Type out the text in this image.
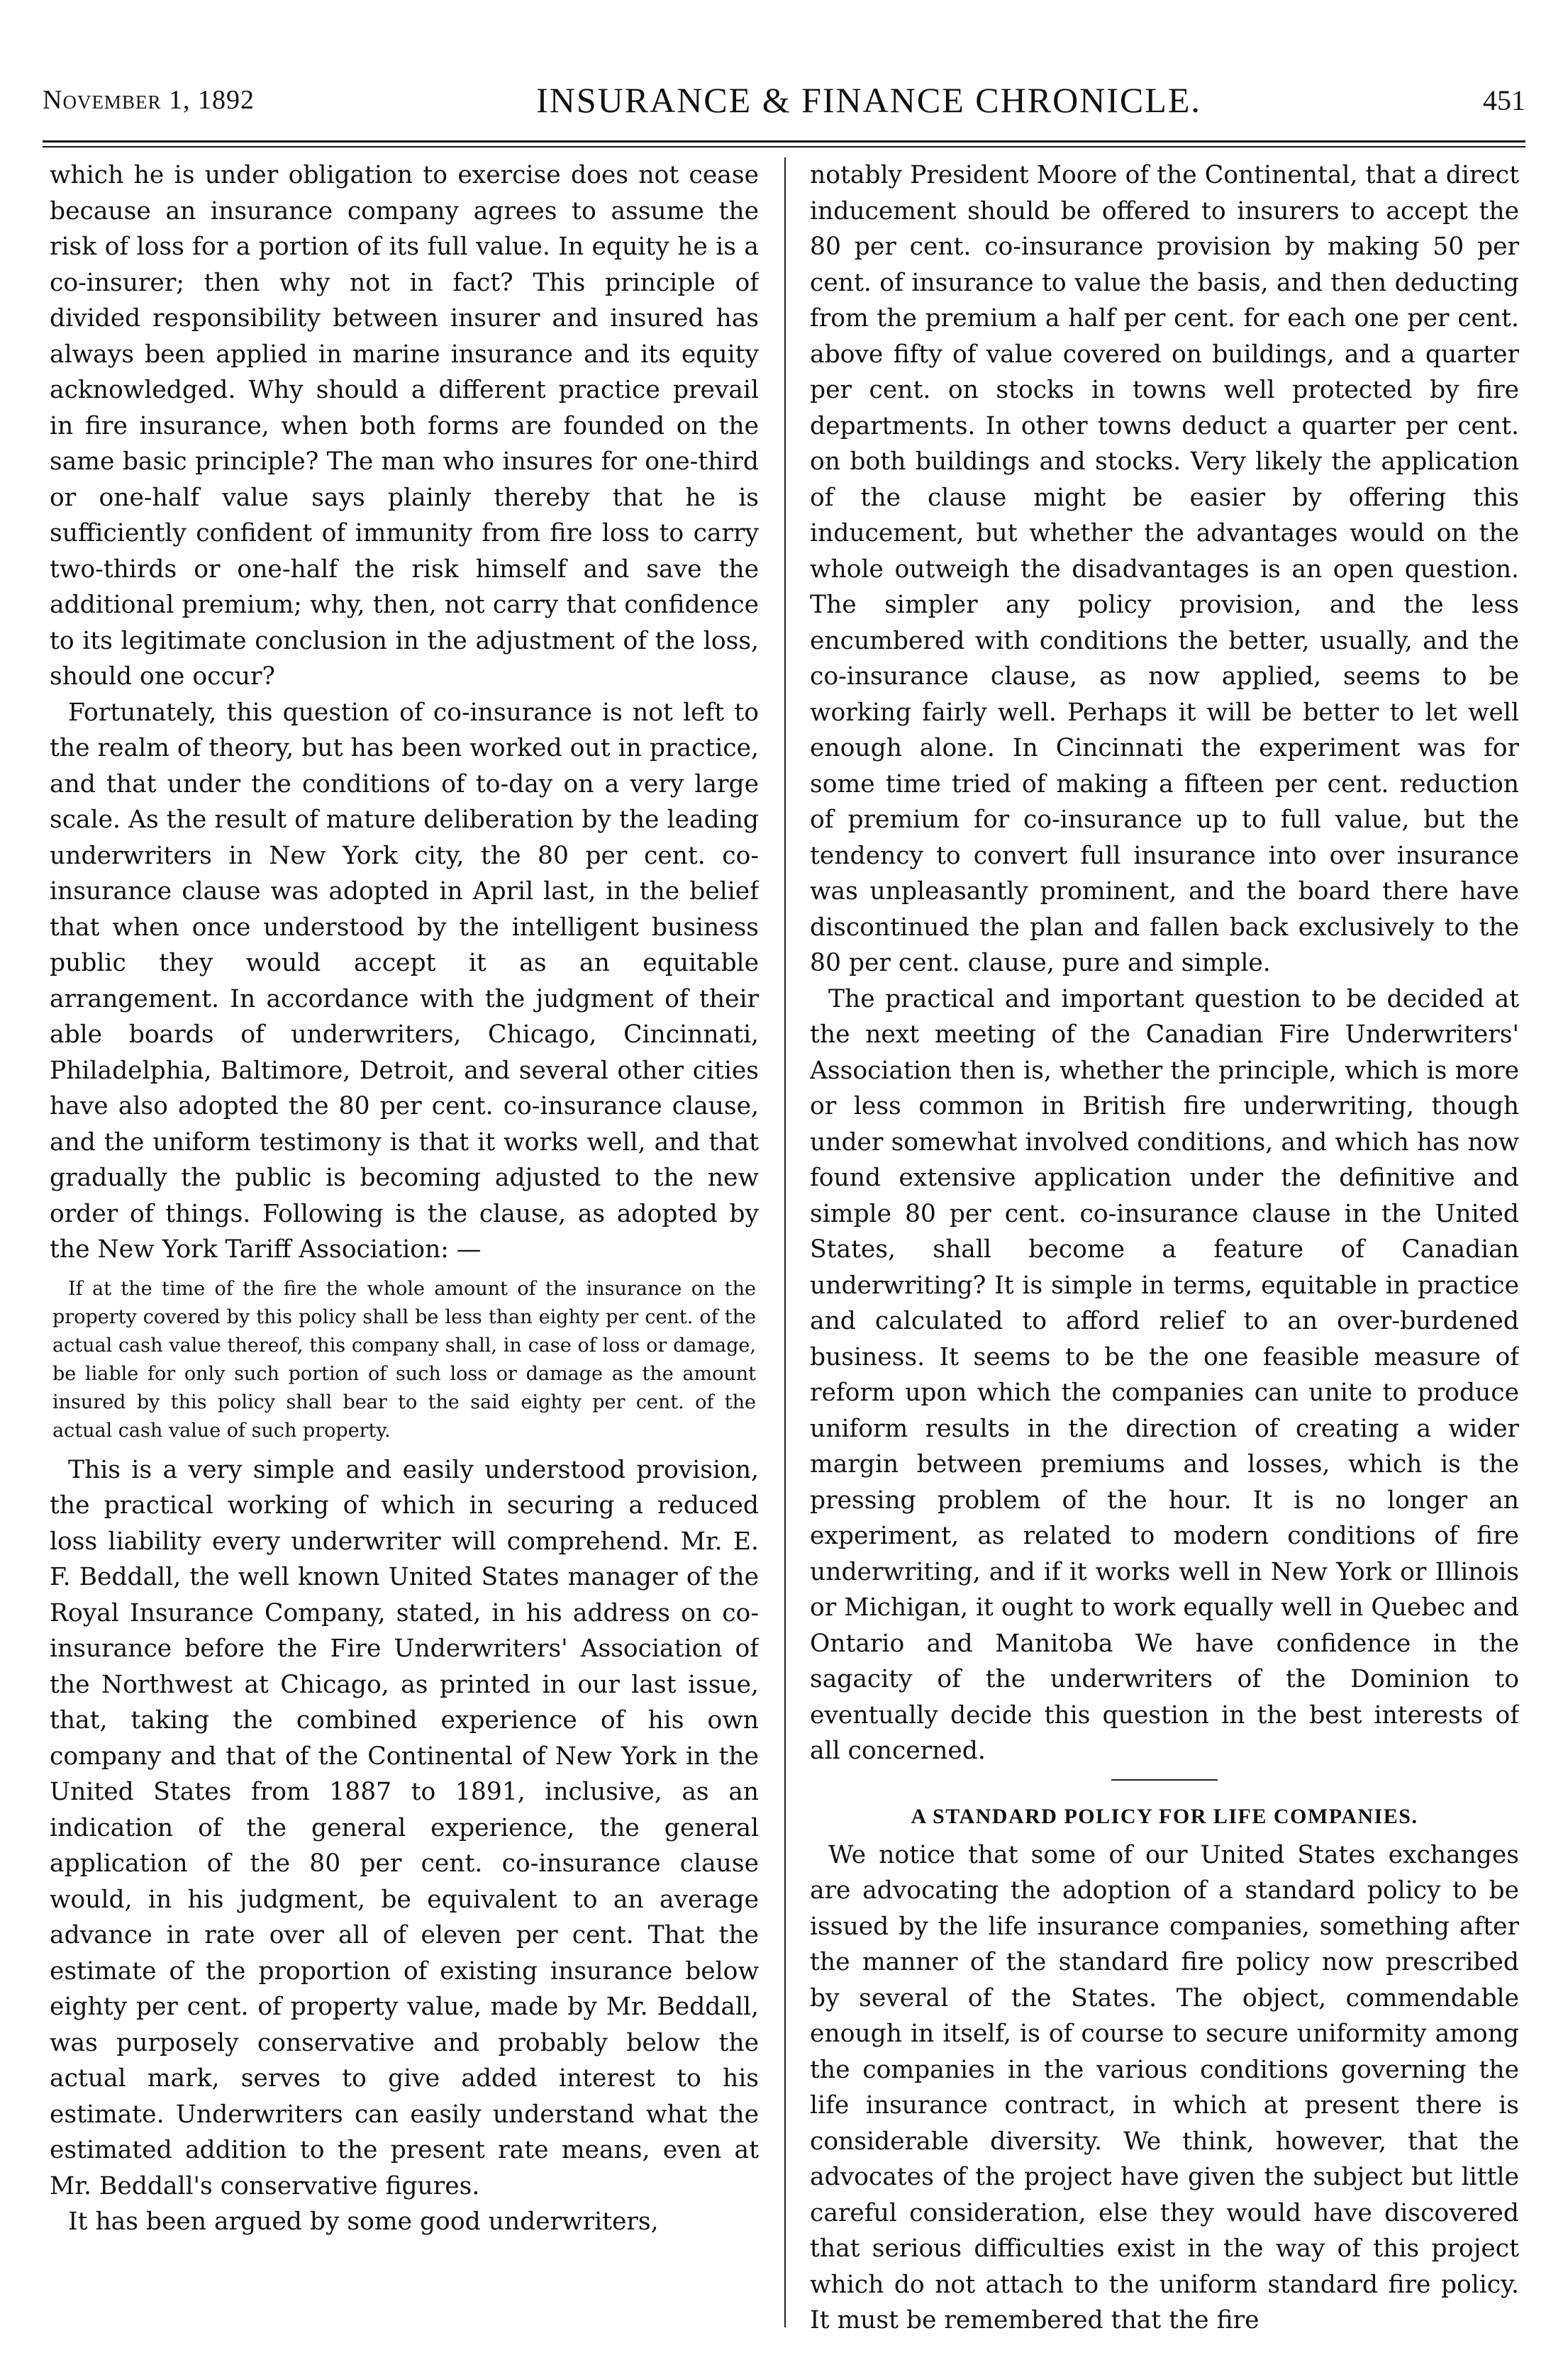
November 1, 1892	INSURANCE & FINANCE CHRONICLE.	451

which he is under obligation to exercise does not cease because an insurance company agrees to assume the risk of loss for a portion of its full value. In equity he is a co-insurer; then why not in fact? This principle of divided responsibility between insurer and insured has always been applied in marine insurance and its equity acknowledged. Why should a different practice prevail in fire insurance, when both forms are founded on the same basic principle? The man who insures for one-third or one-half value says plainly thereby that he is sufficiently confident of immunity from fire loss to carry two-thirds or one-half the risk himself and save the additional premium; why, then, not carry that confidence to its legitimate conclusion in the adjustment of the loss, should one occur?

Fortunately, this question of co-insurance is not left to the realm of theory, but has been worked out in practice, and that under the conditions of to-day on a very large scale. As the result of mature deliberation by the leading underwriters in New York city, the 80 per cent. co-insurance clause was adopted in April last, in the belief that when once understood by the intelligent business public they would accept it as an equitable arrangement. In accordance with the judgment of their able boards of underwriters, Chicago, Cincinnati, Philadelphia, Baltimore, Detroit, and several other cities have also adopted the 80 per cent. co-insurance clause, and the uniform testimony is that it works well, and that gradually the public is becoming adjusted to the new order of things. Following is the clause, as adopted by the New York Tariff Association: —

If at the time of the fire the whole amount of the insurance on the property covered by this policy shall be less than eighty per cent. of the actual cash value thereof, this company shall, in case of loss or damage, be liable for only such portion of such loss or damage as the amount insured by this policy shall bear to the said eighty per cent. of the actual cash value of such property.

This is a very simple and easily understood provision, the practical working of which in securing a reduced loss liability every underwriter will comprehend. Mr. E. F. Beddall, the well known United States manager of the Royal Insurance Company, stated, in his address on co-insurance before the Fire Underwriters' Association of the Northwest at Chicago, as printed in our last issue, that, taking the combined experience of his own company and that of the Continental of New York in the United States from 1887 to 1891, inclusive, as an indication of the general experience, the general application of the 80 per cent. co-insurance clause would, in his judgment, be equivalent to an average advance in rate over all of eleven per cent. That the estimate of the proportion of existing insurance below eighty per cent. of property value, made by Mr. Beddall, was purposely conservative and probably below the actual mark, serves to give added interest to his estimate. Underwriters can easily understand what the estimated addition to the present rate means, even at Mr. Beddall's conservative figures.

It has been argued by some good underwriters,

notably President Moore of the Continental, that a direct inducement should be offered to insurers to accept the 80 per cent. co-insurance provision by making 50 per cent. of insurance to value the basis, and then deducting from the premium a half per cent. for each one per cent. above fifty of value covered on buildings, and a quarter per cent. on stocks in towns well protected by fire departments. In other towns deduct a quarter per cent. on both buildings and stocks. Very likely the application of the clause might be easier by offering this inducement, but whether the advantages would on the whole outweigh the disadvantages is an open question. The simpler any policy provision, and the less encumbered with conditions the better, usually, and the co-insurance clause, as now applied, seems to be working fairly well. Perhaps it will be better to let well enough alone. In Cincinnati the experiment was for some time tried of making a fifteen per cent. reduction of premium for co-insurance up to full value, but the tendency to convert full insurance into over insurance was unpleasantly prominent, and the board there have discontinued the plan and fallen back exclusively to the 80 per cent. clause, pure and simple.

The practical and important question to be decided at the next meeting of the Canadian Fire Underwriters' Association then is, whether the principle, which is more or less common in British fire underwriting, though under somewhat involved conditions, and which has now found extensive application under the definitive and simple 80 per cent. co-insurance clause in the United States, shall become a feature of Canadian underwriting? It is simple in terms, equitable in practice and calculated to afford relief to an over-burdened business. It seems to be the one feasible measure of reform upon which the companies can unite to produce uniform results in the direction of creating a wider margin between premiums and losses, which is the pressing problem of the hour. It is no longer an experiment, as related to modern conditions of fire underwriting, and if it works well in New York or Illinois or Michigan, it ought to work equally well in Quebec and Ontario and Manitoba We have confidence in the sagacity of the underwriters of the Dominion to eventually decide this question in the best interests of all concerned.

A STANDARD POLICY FOR LIFE COMPANIES.

We notice that some of our United States exchanges are advocating the adoption of a standard policy to be issued by the life insurance companies, something after the manner of the standard fire policy now prescribed by several of the States. The object, commendable enough in itself, is of course to secure uniformity among the companies in the various conditions governing the life insurance contract, in which at present there is considerable diversity. We think, however, that the advocates of the project have given the subject but little careful consideration, else they would have discovered that serious difficulties exist in the way of this project which do not attach to the uniform standard fire policy. It must be remembered that the fire
